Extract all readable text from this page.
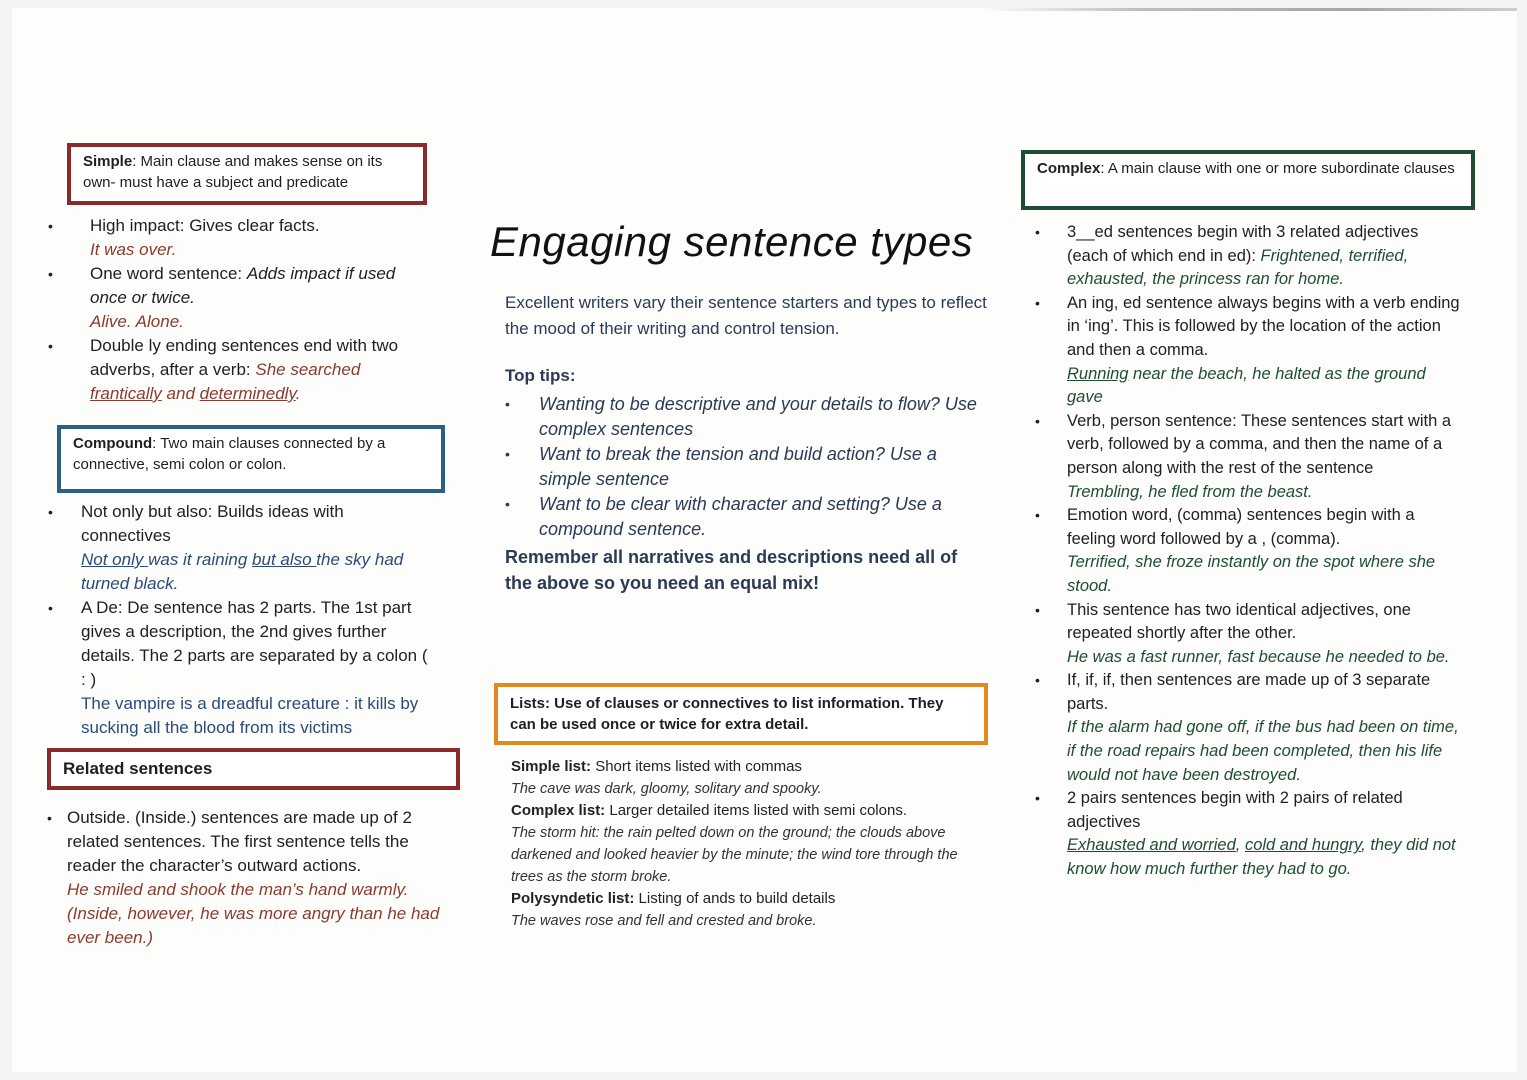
Simple: Main clause and makes sense on its own- must have a subject and predicate
• High impact: Gives clear facts.
It was over.
• One word sentence: Adds impact if used once or twice.
Alive. Alone.
• Double ly ending sentences end with two adverbs, after a verb: She searched frantically and determinedly.
Compound: Two main clauses connected by a connective, semi colon or colon.
• Not only but also: Builds ideas with connectives
Not only was it raining but also the sky had turned black.
• A De: De sentence has 2 parts. The 1st part gives a description, the 2nd gives further details. The 2 parts are separated by a colon ( : )
The vampire is a dreadful creature : it kills by sucking all the blood from its victims
Related sentences
• Outside. (Inside.) sentences are made up of 2 related sentences. The first sentence tells the reader the character’s outward actions.
He smiled and shook the man’s hand warmly. (Inside, however, he was more angry than he had ever been.)
Engaging sentence types
Excellent writers vary their sentence starters and types to reflect the mood of their writing and control tension.
Top tips:
• Wanting to be descriptive and your details to flow? Use complex sentences
• Want to break the tension and build action? Use a simple sentence
• Want to be clear with character and setting? Use a compound sentence.
Remember all narratives and descriptions need all of the above so you need an equal mix!
Lists: Use of clauses or connectives to list information. They can be used once or twice for extra detail.
Simple list: Short items listed with commas
The cave was dark, gloomy, solitary and spooky.
Complex list: Larger detailed items listed with semi colons.
The storm hit: the rain pelted down on the ground; the clouds above darkened and looked heavier by the minute; the wind tore through the trees as the storm broke.
Polysyndetic list: Listing of ands to build details
The waves rose and fell and crested and broke.
Complex: A main clause with one or more subordinate clauses
• 3__ed sentences begin with 3 related adjectives (each of which end in ed): Frightened, terrified, exhausted, the princess ran for home.
• An ing, ed sentence always begins with a verb ending in ‘ing’. This is followed by the location of the action and then a comma.
Running near the beach, he halted as the ground gave
• Verb, person sentence: These sentences start with a verb, followed by a comma, and then the name of a person along with the rest of the sentence
Trembling, he fled from the beast.
• Emotion word, (comma) sentences begin with a feeling word followed by a , (comma).
Terrified, she froze instantly on the spot where she stood.
• This sentence has two identical adjectives, one repeated shortly after the other.
He was a fast runner, fast because he needed to be.
• If, if, if, then sentences are made up of 3 separate parts.
If the alarm had gone off, if the bus had been on time, if the road repairs had been completed, then his life would not have been destroyed.
• 2 pairs sentences begin with 2 pairs of related adjectives
Exhausted and worried, cold and hungry, they did not know how much further they had to go.
